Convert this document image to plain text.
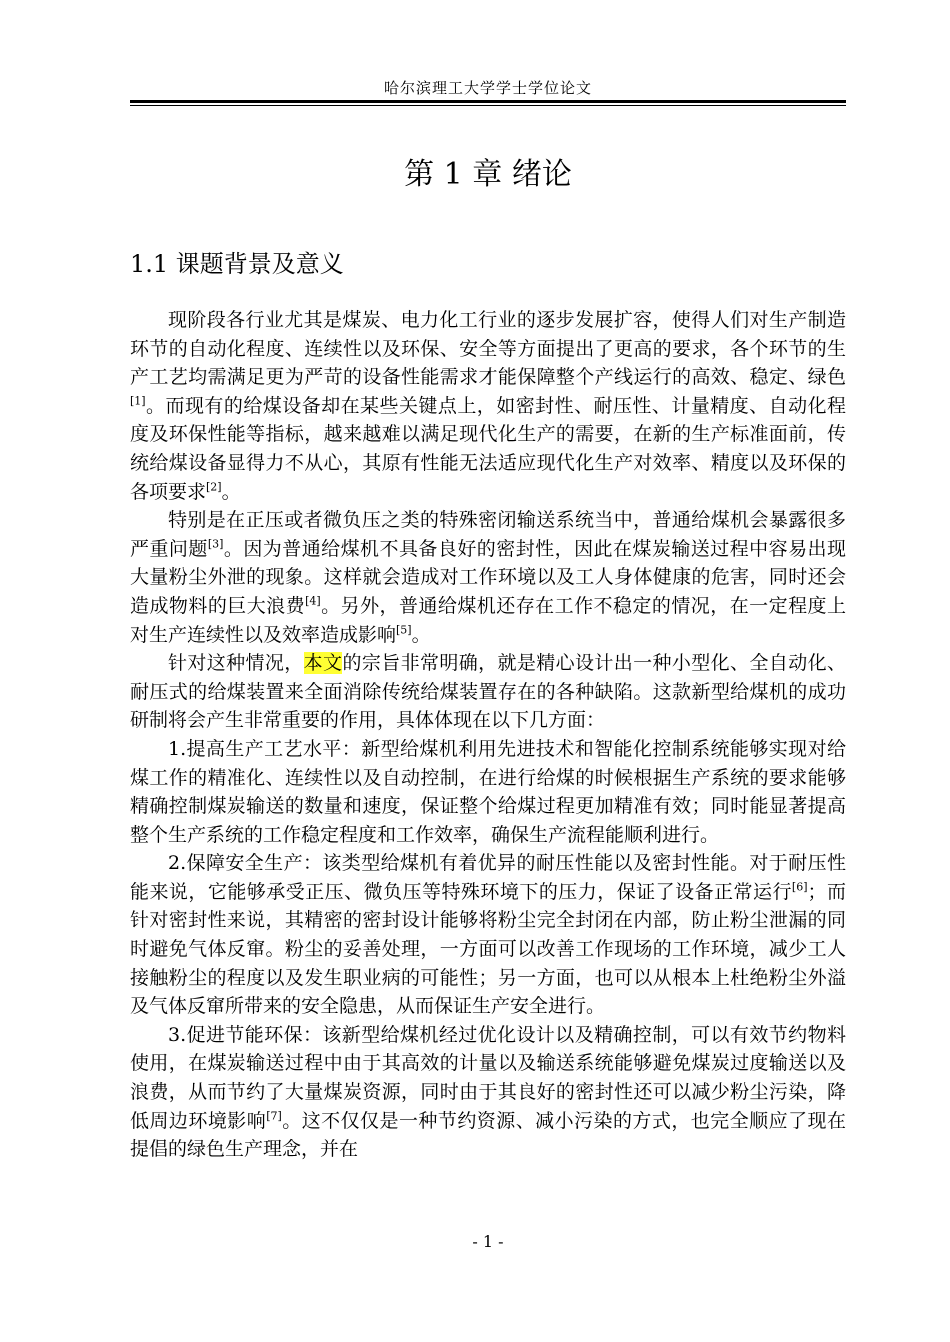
哈尔滨理工大学学士学位论文
第 1 章 绪论
1.1 课题背景及意义

现阶段各行业尤其是煤炭、电力化工行业的逐步发展扩容，使得人们对生产制造环节的自动化程度、连续性以及环保、安全等方面提出了更高的要求，各个环节的生产工艺均需满足更为严苛的设备性能需求才能保障整个产线运行的高效、稳定、绿色[1]。而现有的给煤设备却在某些关键点上，如密封性、耐压性、计量精度、自动化程度及环保性能等指标，越来越难以满足现代化生产的需要，在新的生产标准面前，传统给煤设备显得力不从心，其原有性能无法适应现代化生产对效率、精度以及环保的各项要求[2]。

特别是在正压或者微负压之类的特殊密闭输送系统当中，普通给煤机会暴露很多严重问题[3]。因为普通给煤机不具备良好的密封性，因此在煤炭输送过程中容易出现大量粉尘外泄的现象。这样就会造成对工作环境以及工人身体健康的危害，同时还会造成物料的巨大浪费[4]。另外，普通给煤机还存在工作不稳定的情况，在一定程度上对生产连续性以及效率造成影响[5]。

针对这种情况，本文的宗旨非常明确，就是精心设计出一种小型化、全自动化、耐压式的给煤装置来全面消除传统给煤装置存在的各种缺陷。这款新型给煤机的成功研制将会产生非常重要的作用，具体体现在以下几方面：

1.提高生产工艺水平：新型给煤机利用先进技术和智能化控制系统能够实现对给煤工作的精准化、连续性以及自动控制，在进行给煤的时候根据生产系统的要求能够精确控制煤炭输送的数量和速度，保证整个给煤过程更加精准有效；同时能显著提高整个生产系统的工作稳定程度和工作效率，确保生产流程能顺利进行。

2.保障安全生产：该类型给煤机有着优异的耐压性能以及密封性能。对于耐压性能来说，它能够承受正压、微负压等特殊环境下的压力，保证了设备正常运行[6]；而针对密封性来说，其精密的密封设计能够将粉尘完全封闭在内部，防止粉尘泄漏的同时避免气体反窜。粉尘的妥善处理，一方面可以改善工作现场的工作环境，减少工人接触粉尘的程度以及发生职业病的可能性；另一方面，也可以从根本上杜绝粉尘外溢及气体反窜所带来的安全隐患，从而保证生产安全进行。

3.促进节能环保：该新型给煤机经过优化设计以及精确控制，可以有效节约物料使用，在煤炭输送过程中由于其高效的计量以及输送系统能够避免煤炭过度输送以及浪费，从而节约了大量煤炭资源，同时由于其良好的密封性还可以减少粉尘污染，降低周边环境影响[7]。这不仅仅是一种节约资源、减小污染的方式，也完全顺应了现在提倡的绿色生产理念，并在

- 1 -
